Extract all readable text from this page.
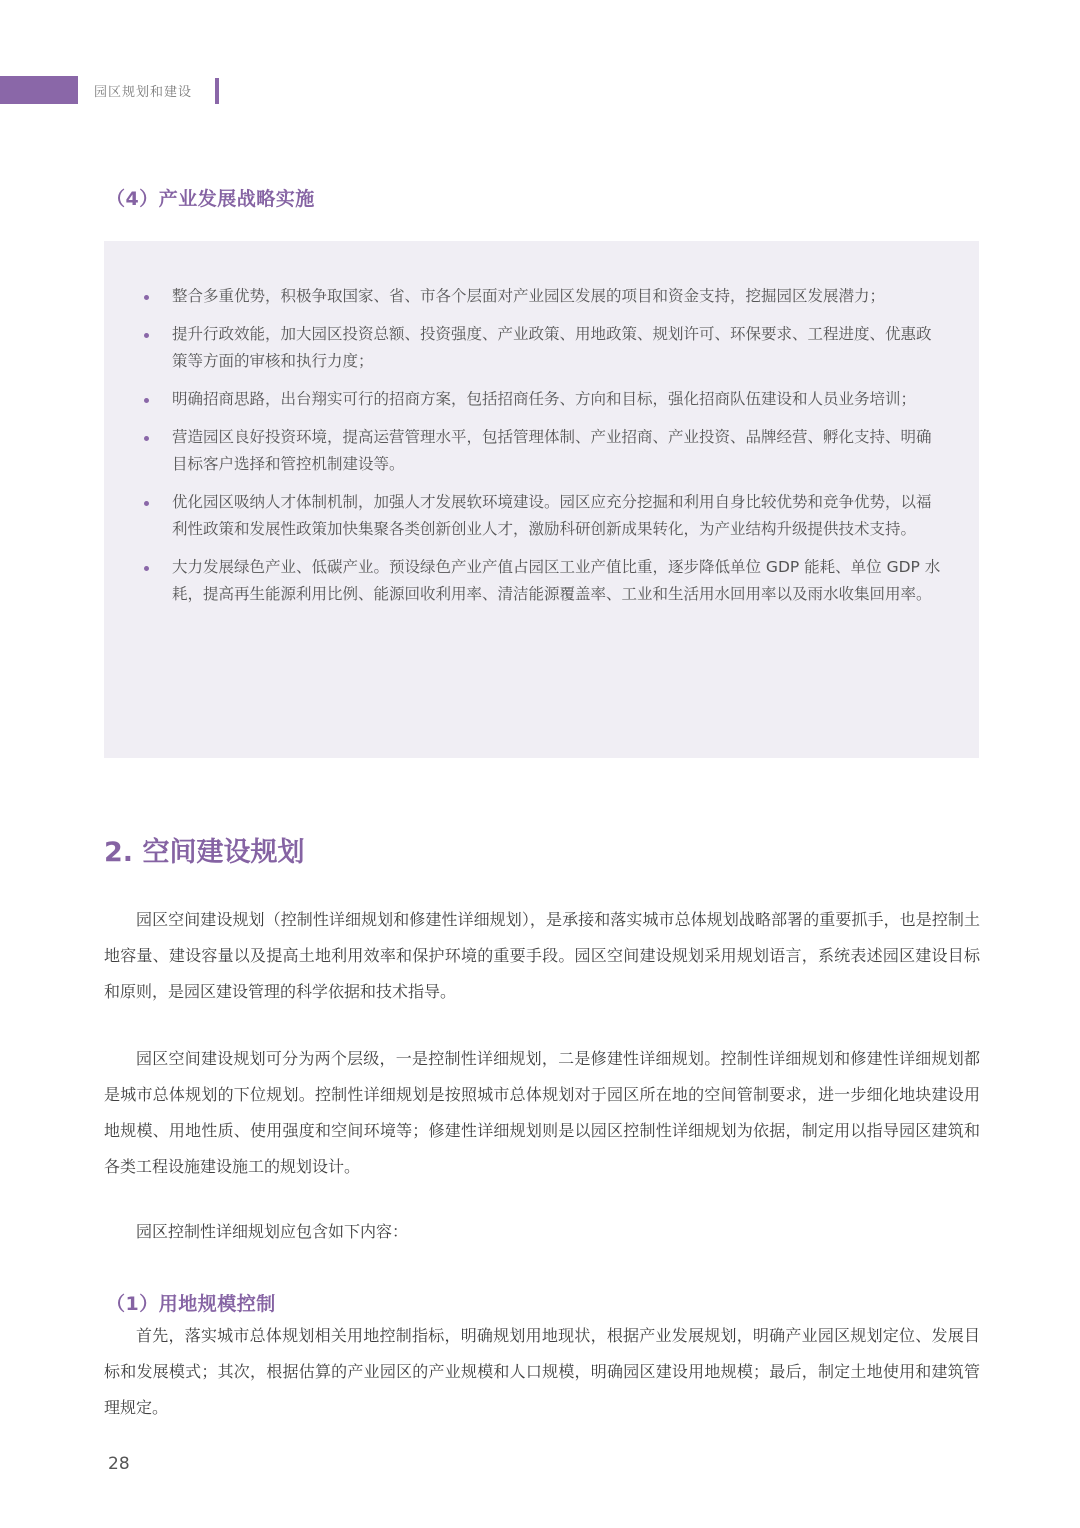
园区规划和建设
（4）产业发展战略实施
整合多重优势，积极争取国家、省、市各个层面对产业园区发展的项目和资金支持，挖掘园区发展潜力；
提升行政效能，加大园区投资总额、投资强度、产业政策、用地政策、规划许可、环保要求、工程进度、优惠政策等方面的审核和执行力度；
明确招商思路，出台翔实可行的招商方案，包括招商任务、方向和目标，强化招商队伍建设和人员业务培训；
营造园区良好投资环境，提高运营管理水平，包括管理体制、产业招商、产业投资、品牌经营、孵化支持、明确目标客户选择和管控机制建设等。
优化园区吸纳人才体制机制，加强人才发展软环境建设。园区应充分挖掘和利用自身比较优势和竞争优势，以福利性政策和发展性政策加快集聚各类创新创业人才，激励科研创新成果转化，为产业结构升级提供技术支持。
大力发展绿色产业、低碳产业。预设绿色产业产值占园区工业产值比重，逐步降低单位 GDP 能耗、单位 GDP 水耗，提高再生能源利用比例、能源回收利用率、清洁能源覆盖率、工业和生活用水回用率以及雨水收集回用率。
2. 空间建设规划

园区空间建设规划（控制性详细规划和修建性详细规划），是承接和落实城市总体规划战略部署的重要抓手，也是控制土地容量、建设容量以及提高土地利用效率和保护环境的重要手段。园区空间建设规划采用规划语言，系统表述园区建设目标和原则，是园区建设管理的科学依据和技术指导。

园区空间建设规划可分为两个层级，一是控制性详细规划，二是修建性详细规划。控制性详细规划和修建性详细规划都是城市总体规划的下位规划。控制性详细规划是按照城市总体规划对于园区所在地的空间管制要求，进一步细化地块建设用地规模、用地性质、使用强度和空间环境等；修建性详细规划则是以园区控制性详细规划为依据，制定用以指导园区建筑和各类工程设施建设施工的规划设计。

园区控制性详细规划应包含如下内容：

（1）用地规模控制

首先，落实城市总体规划相关用地控制指标，明确规划用地现状，根据产业发展规划，明确产业园区规划定位、发展目标和发展模式；其次，根据估算的产业园区的产业规模和人口规模，明确园区建设用地规模；最后，制定土地使用和建筑管理规定。

28
